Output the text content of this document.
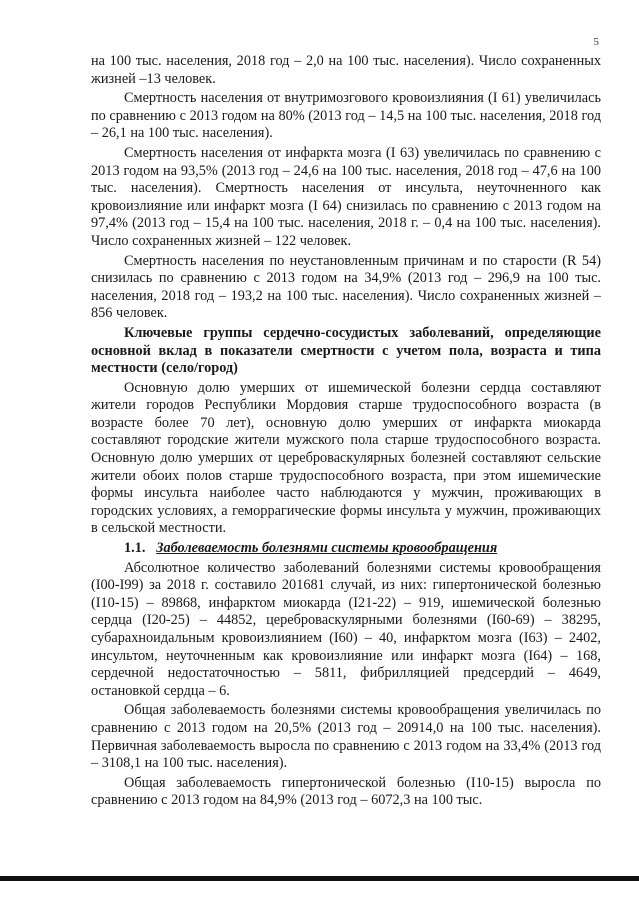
5

на 100 тыс. населения, 2018 год – 2,0 на 100 тыс. населения). Число сохраненных жизней –13 человек.

Смертность населения от внутримозгового кровоизлияния (I 61) увеличилась по сравнению с 2013 годом на 80% (2013 год – 14,5 на 100 тыс. населения, 2018 год – 26,1 на 100 тыс. населения).

Смертность населения от инфаркта мозга (I 63) увеличилась по сравнению с 2013 годом на 93,5% (2013 год – 24,6 на 100 тыс. населения, 2018 год – 47,6 на 100 тыс. населения). Смертность населения от инсульта, неуточненного как кровоизлияние или инфаркт мозга (I 64) снизилась по сравнению с 2013 годом на 97,4% (2013 год – 15,4 на 100 тыс. населения, 2018 г. – 0,4 на 100 тыс. населения). Число сохраненных жизней – 122 человек.

Смертность населения по неустановленным причинам и по старости (R 54) снизилась по сравнению с 2013 годом на 34,9% (2013 год – 296,9 на 100 тыс. населения, 2018 год – 193,2 на 100 тыс. населения). Число сохраненных жизней – 856 человек.

Ключевые группы сердечно-сосудистых заболеваний, определяющие основной вклад в показатели смертности с учетом пола, возраста и типа местности (село/город)

Основную долю умерших от ишемической болезни сердца составляют жители городов Республики Мордовия старше трудоспособного возраста (в возрасте более 70 лет), основную долю умерших от инфаркта миокарда составляют городские жители мужского пола старше трудоспособного возраста. Основную долю умерших от цереброваскулярных болезней составляют сельские жители обоих полов старше трудоспособного возраста, при этом ишемические формы инсульта наиболее часто наблюдаются у мужчин, проживающих в городских условиях, а геморрагические формы инсульта у мужчин, проживающих в сельской местности.

1.1. Заболеваемость болезнями системы кровообращения

Абсолютное количество заболеваний болезнями системы кровообращения (I00-I99) за 2018 г. составило 201681 случай, из них: гипертонической болезнью (I10-15) – 89868, инфарктом миокарда (I21-22) – 919, ишемической болезнью сердца (I20-25) – 44852, цереброваскулярными болезнями (I60-69) – 38295, субарахноидальным кровоизлиянием (I60) – 40, инфарктом мозга (I63) – 2402, инсультом, неуточненным как кровоизлияние или инфаркт мозга (I64) – 168, сердечной недостаточностью – 5811, фибрилляцией предсердий – 4649, остановкой сердца – 6.

Общая заболеваемость болезнями системы кровообращения увеличилась по сравнению с 2013 годом на 20,5% (2013 год – 20914,0 на 100 тыс. населения). Первичная заболеваемость выросла по сравнению с 2013 годом на 33,4% (2013 год – 3108,1 на 100 тыс. населения).

Общая заболеваемость гипертонической болезнью (I10-15) выросла по сравнению с 2013 годом на 84,9% (2013 год – 6072,3 на 100 тыс.
